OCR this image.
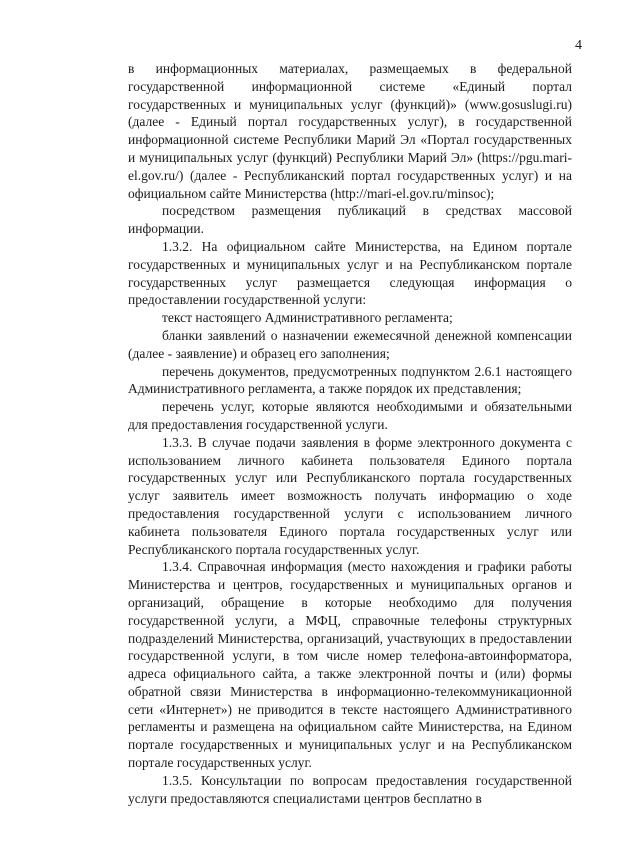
4

в информационных материалах, размещаемых в федеральной государственной информационной системе «Единый портал государственных и муниципальных услуг (функций)» (www.gosuslugi.ru) (далее - Единый портал государственных услуг), в государственной информационной системе Республики Марий Эл «Портал государственных и муниципальных услуг (функций) Республики Марий Эл» (https://pgu.mari-el.gov.ru/) (далее - Республиканский портал государственных услуг) и на официальном сайте Министерства (http://mari-el.gov.ru/minsoc);

посредством размещения публикаций в средствах массовой информации.

1.3.2. На официальном сайте Министерства, на Едином портале государственных и муниципальных услуг и на Республиканском портале государственных услуг размещается следующая информация о предоставлении государственной услуги:

текст настоящего Административного регламента;

бланки заявлений о назначении ежемесячной денежной компенсации (далее - заявление) и образец его заполнения;

перечень документов, предусмотренных подпунктом 2.6.1 настоящего Административного регламента, а также порядок их представления;

перечень услуг, которые являются необходимыми и обязательными для предоставления государственной услуги.

1.3.3. В случае подачи заявления в форме электронного документа с использованием личного кабинета пользователя Единого портала государственных услуг или Республиканского портала государственных услуг заявитель имеет возможность получать информацию о ходе предоставления государственной услуги с использованием личного кабинета пользователя Единого портала государственных услуг или Республиканского портала государственных услуг.

1.3.4. Справочная информация (место нахождения и графики работы Министерства и центров, государственных и муниципальных органов и организаций, обращение в которые необходимо для получения государственной услуги, а МФЦ, справочные телефоны структурных подразделений Министерства, организаций, участвующих в предоставлении государственной услуги, в том числе номер телефона-автоинформатора, адреса официального сайта, а также электронной почты и (или) формы обратной связи Министерства в информационно-телекоммуникационной сети «Интернет») не приводится в тексте настоящего Административного регламенты и размещена на официальном сайте Министерства, на Едином портале государственных и муниципальных услуг и на Республиканском портале государственных услуг.

1.3.5. Консультации по вопросам предоставления государственной услуги предоставляются специалистами центров бесплатно в
